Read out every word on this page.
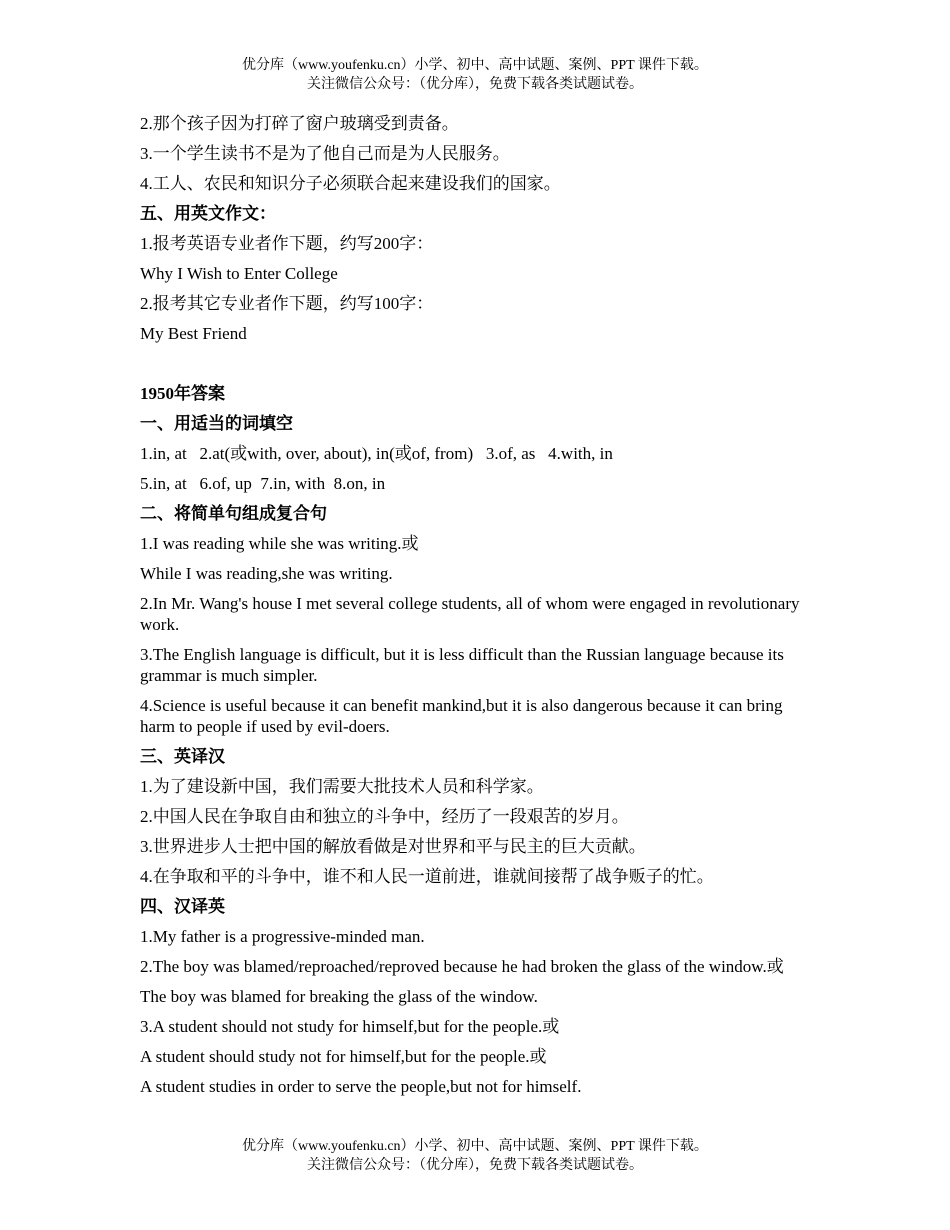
优分库（www.youfenku.cn）小学、初中、高中试题、案例、PPT 课件下载。
关注微信公众号：（优分库），免费下载各类试题试卷。
2.那个孩子因为打碎了窗户玻璃受到责备。
3.一个学生读书不是为了他自己而是为人民服务。
4.工人、农民和知识分子必须联合起来建设我们的国家。
五、用英文作文：
1.报考英语专业者作下题，约写200字：
Why I Wish to Enter College
2.报考其它专业者作下题，约写100字：
My Best Friend
1950年答案
一、用适当的词填空
1.in, at   2.at(或with, over, about), in(或of, from)   3.of, as   4.with, in
5.in, at   6.of, up  7.in, with  8.on, in
二、将简单句组成复合句
1.I was reading while she was writing.或
While I was reading,she was writing.
2.In Mr. Wang's house I met several college students, all of whom were engaged in revolutionary work.
3.The English language is difficult, but it is less difficult than the Russian language because its grammar is much simpler.
4.Science is useful because it can benefit mankind,but it is also dangerous because it can bring harm to people if used by evil-doers.
三、英译汉
1.为了建设新中国，我们需要大批技术人员和科学家。
2.中国人民在争取自由和独立的斗争中，经历了一段艰苦的岁月。
3.世界进步人士把中国的解放看做是对世界和平与民主的巨大贡献。
4.在争取和平的斗争中，谁不和人民一道前进，谁就间接帮了战争贩子的忙。
四、汉译英
1.My father is a progressive-minded man.
2.The boy was blamed/reproached/reproved because he had broken the glass of the window.或
The boy was blamed for breaking the glass of the window.
3.A student should not study for himself,but for the people.或
A student should study not for himself,but for the people.或
A student studies in order to serve the people,but not for himself.
优分库（www.youfenku.cn）小学、初中、高中试题、案例、PPT 课件下载。
关注微信公众号：（优分库），免费下载各类试题试卷。
